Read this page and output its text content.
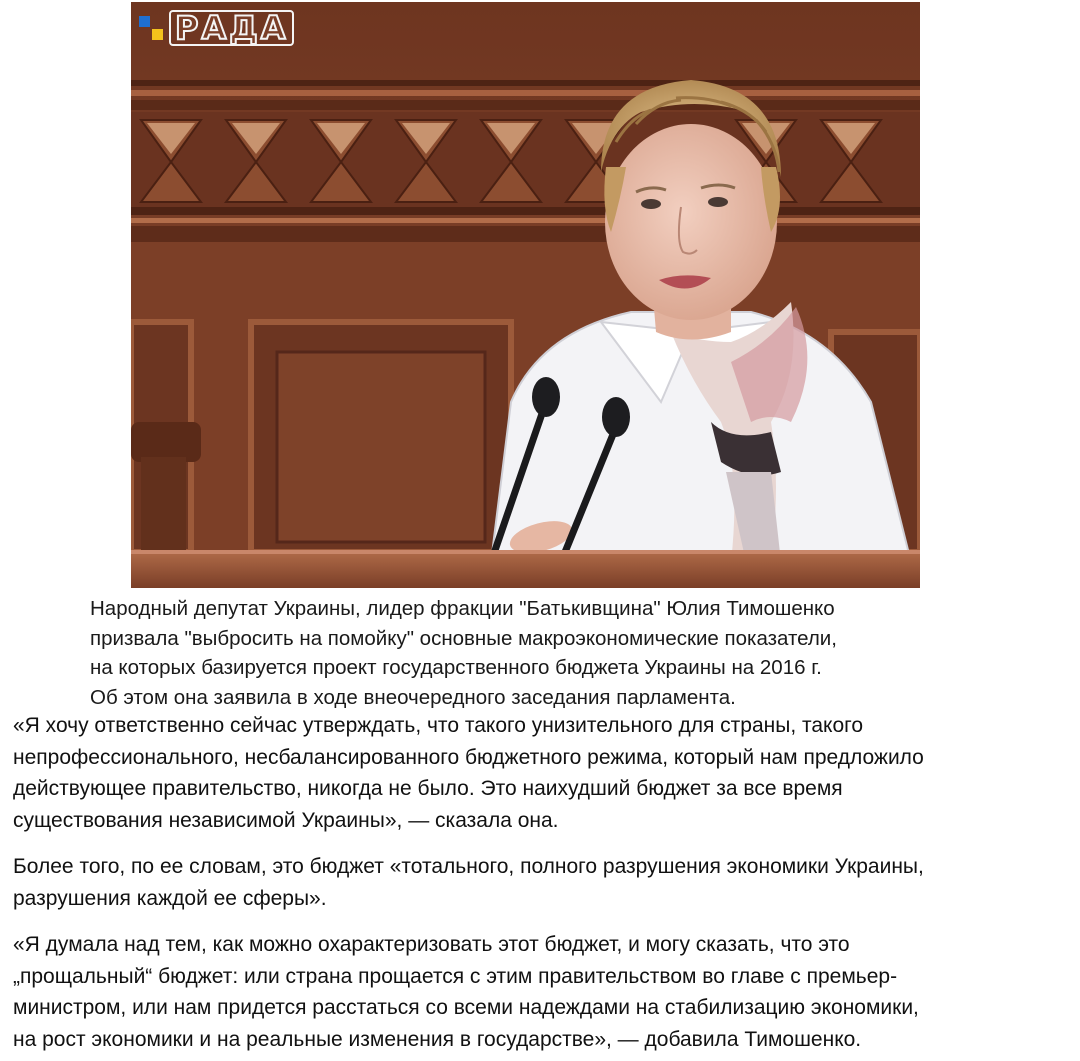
РАДА
Народный депутат Украины, лидер фракции "Батькивщина" Юлия Тимошенко
призвала "выбросить на помойку" основные макроэкономические показатели,
на которых базируется проект государственного бюджета Украины на 2016 г.
Об этом она заявила в ходе внеочередного заседания парламента.

«Я хочу ответственно сейчас утверждать, что такого унизительного для страны, такого
непрофессионального, несбалансированного бюджетного режима, который нам предложило
действующее правительство, никогда не было. Это наихудший бюджет за все время
существования независимой Украины», — сказала она.

Более того, по ее словам, это бюджет «тотального, полного разрушения экономики Украины,
разрушения каждой ее сферы».

«Я думала над тем, как можно охарактеризовать этот бюджет, и могу сказать, что это
„прощальный“ бюджет: или страна прощается с этим правительством во главе с премьер-
министром, или нам придется расстаться со всеми надеждами на стабилизацию экономики,
на рост экономики и на реальные изменения в государстве», — добавила Тимошенко.
